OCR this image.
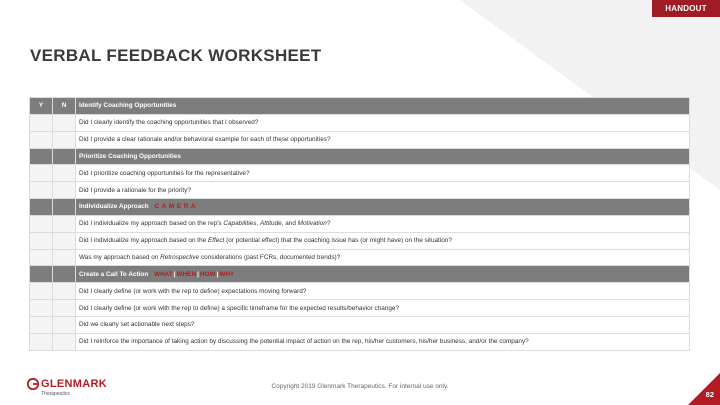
HANDOUT
VERBAL FEEDBACK WORKSHEET
Y	N	Identify Coaching Opportunities
		Did I clearly identify the coaching opportunities that I observed?
		Did I provide a clear rationale and/or behavioral example for each of these opportunities?
		Prioritize Coaching Opportunities
		Did I prioritize coaching opportunities for the representative?
		Did I provide a rationale for the priority?
		Individualize Approach CAMERA
		Did I individualize my approach based on the rep's Capabilities, Attitude, and Motivation?
		Did I individualize my approach based on the Effect (or potential effect) that the coaching issue has (or might have) on the situation?
		Was my approach based on Retrospective considerations (past FCRs, documented trends)?
		Create a Call To Action WHAT|WHEN|HOW|WHY
		Did I clearly define (or work with the rep to define) expectations moving forward?
		Did I clearly define (or work with the rep to define) a specific timeframe for the expected results/behavior change?
		Did we clearly set actionable next steps?
		Did I reinforce the importance of taking action by discussing the potential impact of action on the rep, his/her customers, his/her business, and/or the company?
GLENMARK
Therapeutics
Copyright 2019 Glenmark Therapeutics. For internal use only.
82
